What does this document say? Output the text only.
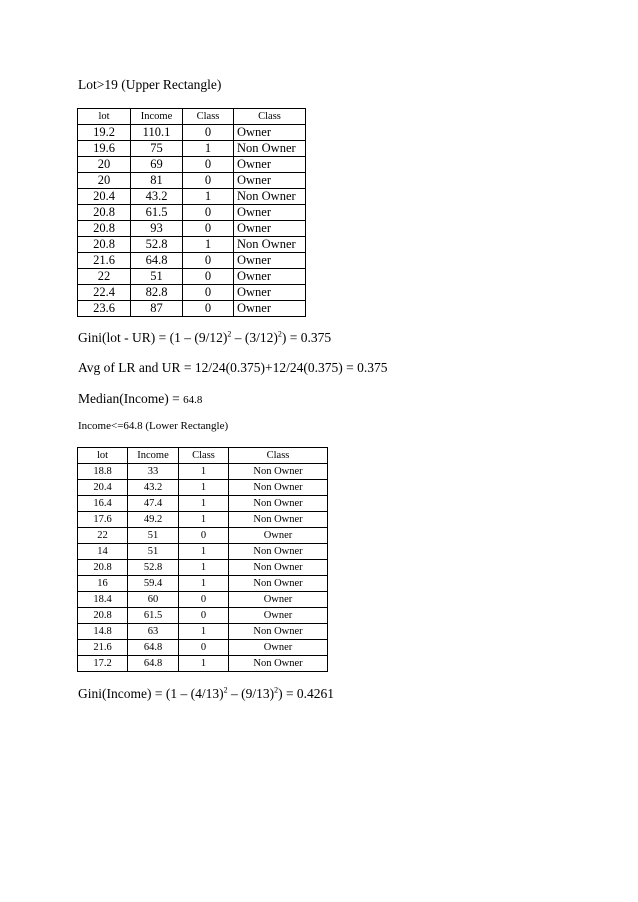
Lot>19 (Upper Rectangle)
lot	Income	Class	Class
19.2	110.1	0	Owner
19.6	75	1	Non Owner
20	69	0	Owner
20	81	0	Owner
20.4	43.2	1	Non Owner
20.8	61.5	0	Owner
20.8	93	0	Owner
20.8	52.8	1	Non Owner
21.6	64.8	0	Owner
22	51	0	Owner
22.4	82.8	0	Owner
23.6	87	0	Owner
Gini(lot - $UR) = (1 - (9/12)^2 - (3/12)^2) = 0.375$
Avg of LR and UR = 12/24(0.375)+12/24(0.375) = 0.375
Median(Income) = 64.8
Income<=64.8 (Lower Rectangle)
lot	Income	Class	Class
18.8	33	1	Non Owner
20.4	43.2	1	Non Owner
16.4	47.4	1	Non Owner
17.6	49.2	1	Non Owner
22	51	0	Owner
14	51	1	Non Owner
20.8	52.8	1	Non Owner
16	59.4	1	Non Owner
18.4	60	0	Owner
20.8	61.5	0	Owner
14.8	63	1	Non Owner
21.6	64.8	0	Owner
17.2	64.8	1	Non Owner
Gini(Income) = $(1 - (4/13)^2 - (9/13)^2) = 0.4261$
